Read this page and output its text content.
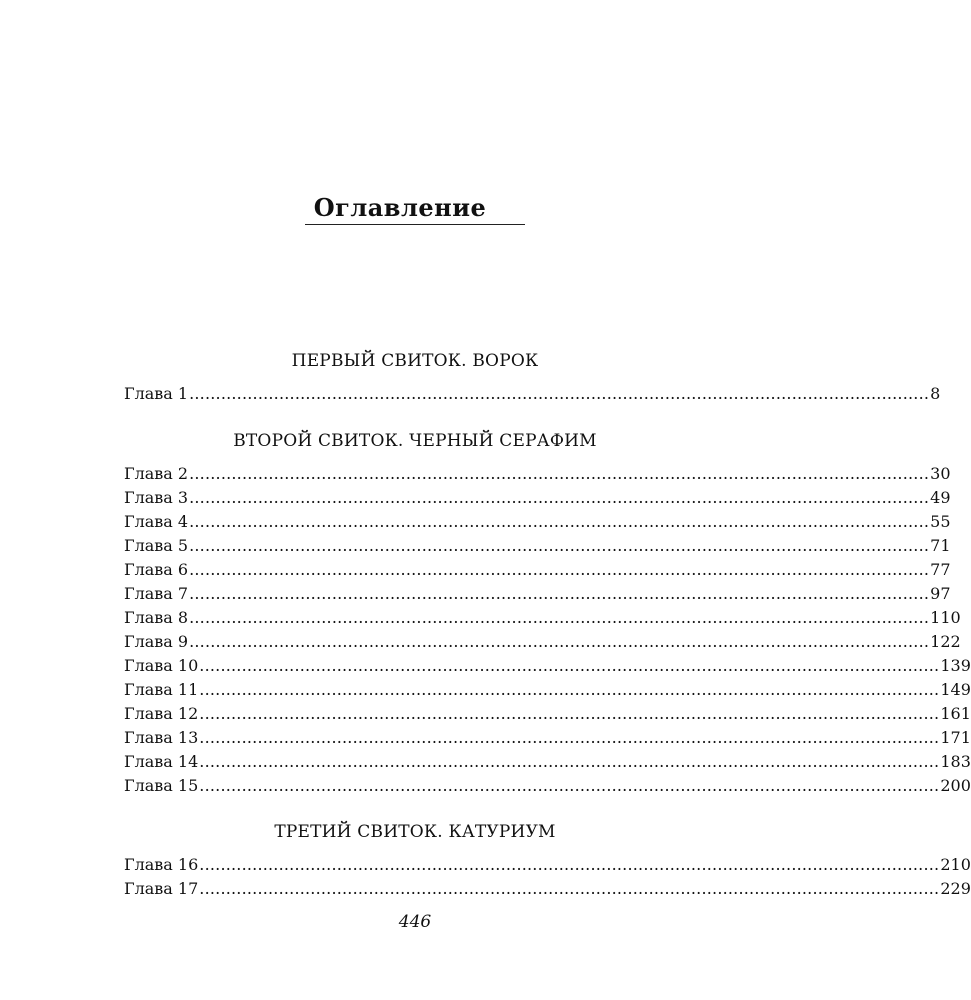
Оглавление
ПЕРВЫЙ СВИТОК. ВОРОК
Глава 1 ............................................................................................................................................ 8
ВТОРОЙ СВИТОК. ЧЕРНЫЙ СЕРАФИМ
Глава 2 ............................................................................................................................................ 30
Глава 3 ............................................................................................................................................ 49
Глава 4 ............................................................................................................................................ 55
Глава 5 ............................................................................................................................................ 71
Глава 6 ............................................................................................................................................ 77
Глава 7 ............................................................................................................................................ 97
Глава 8 ............................................................................................................................................ 110
Глава 9 ............................................................................................................................................ 122
Глава 10 ............................................................................................................................................ 139
Глава 11 ............................................................................................................................................ 149
Глава 12 ............................................................................................................................................ 161
Глава 13 ............................................................................................................................................ 171
Глава 14 ............................................................................................................................................ 183
Глава 15 ............................................................................................................................................ 200
ТРЕТИЙ СВИТОК. КАТУРИУМ
Глава 16 ............................................................................................................................................ 210
Глава 17 ............................................................................................................................................ 229
446
